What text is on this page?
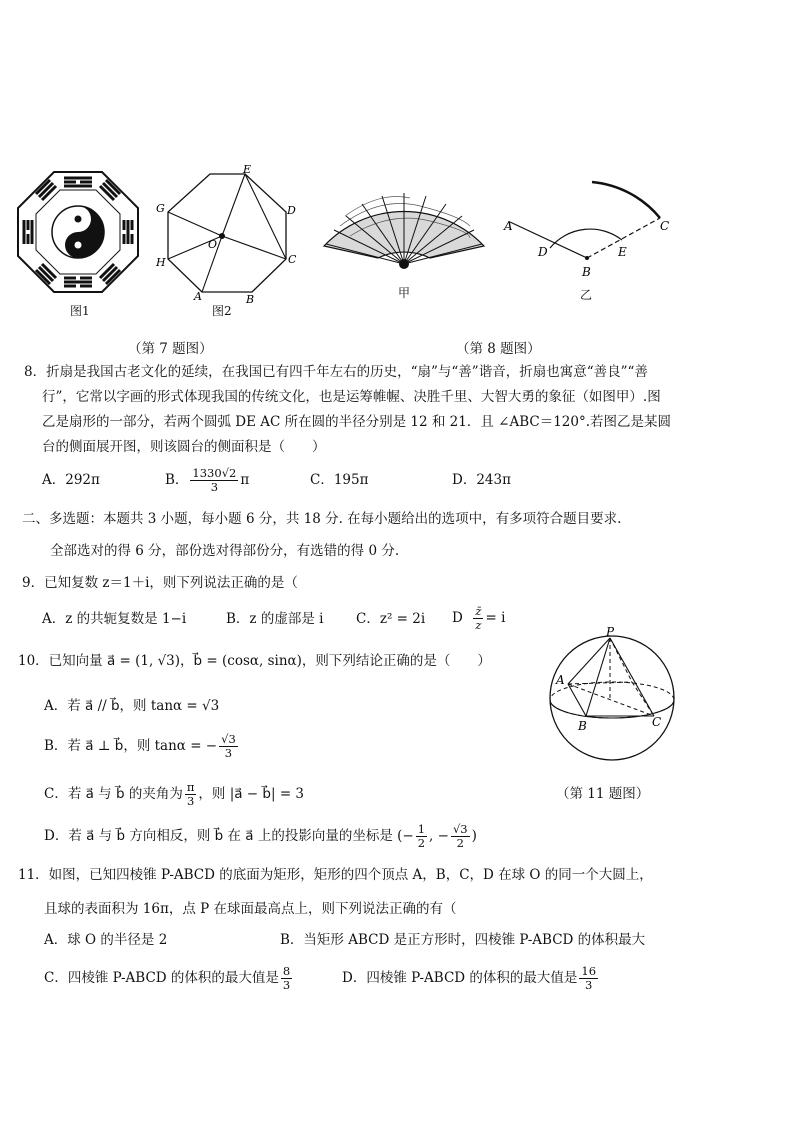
图1
E
D
G
O
C
H
A	B
图2
甲
A
D
B
E
C
乙
（第 7 题图）	（第 8 题图）
8．折扇是我国古老文化的延续，在我国已有四千年左右的历史，“扇”与“善”谐音，折扇也寓意“善良”“善
行”，它常以字画的形式体现我国的传统文化，也是运筹帷幄、决胜千里、大智大勇的象征（如图甲）.图
乙是扇形的一部分，若两个圆弧 DE AC 所在圆的半径分别是 12 和 21．且 ∠ABC＝120°.若图乙是某圆
台的侧面展开图，则该圆台的侧面积是（　　）
A．292π	B． $\frac{1330√2}{3}$ π	C．195π	D．243π
二、多选题：本题共 3 小题，每小题 6 分，共 18 分. 在每小题给出的选项中，有多项符合题目要求.
全部选对的得 6 分，部份选对得部份分，有选错的得 0 分.
9．已知复数 z＝1＋i，则下列说法正确的是（
A．z 的共轭复数是 1−i	B．z 的虚部是 i C．z² = 2i D $\frac{z̄}{z} = i$
10．已知向量 a⃗ = (1, √3)，b⃗ = (cosα, sinα)，则下列结论正确的是（　　）
A．若 a⃗ // b⃗，则 tanα = √3
B．若 a⃗ ⊥ b⃗，则 tanα = − $\frac{√3}{3}$
C．若 a⃗ 与 b⃗ 的夹角为 $\frac{\pi}{3}$ ，则 |a⃗ − b⃗| = 3
D．若 a⃗ 与 b⃗ 方向相反，则 b⃗ 在 a⃗ 上的投影向量的坐标是 (− $\frac{1}{2}$ , − $\frac{√3}{2}$ )
P
A
B	C
（第 11 题图）
11．如图，已知四棱锥 P-ABCD 的底面为矩形，矩形的四个顶点 A，B，C，D 在球 O 的同一个大圆上，
且球的表面积为 16π，点 P 在球面最高点上，则下列说法正确的有（
A．球 O 的半径是 2	B．当矩形 ABCD 是正方形时，四棱锥 P-ABCD 的体积最大
C．四棱锥 P-ABCD 的体积的最大值是 $\frac{8}{3}$	D．四棱锥 P-ABCD 的体积的最大值是 $\frac{16}{3}$
